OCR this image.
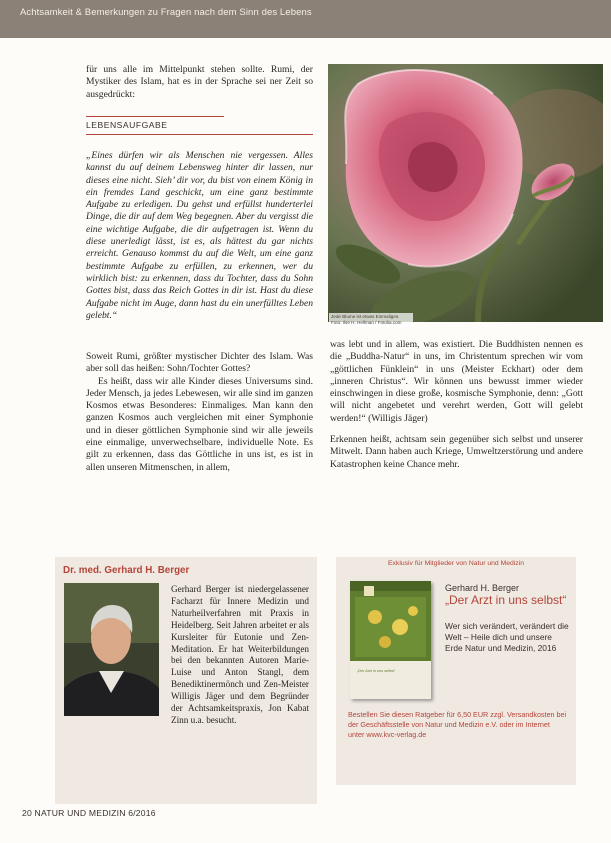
Achtsamkeit & Bemerkungen zu Fragen nach dem Sinn des Lebens
für uns alle im Mittelpunkt stehen sollte. Rumi, der Mystiker des Islam, hat es in der Sprache sei ner Zeit so ausgedrückt:
LEBENSAUFGABE
„Eines dürfen wir als Menschen nie vergessen. Alles kannst du auf deinem Lebensweg hinter dir lassen, nur dieses eine nicht. Sieh’ dir vor, du bist von einem König in ein fremdes Land geschickt, um eine ganz bestimmte Aufgabe zu erledigen. Du gehst und erfüllst hunderterlei Dinge, die dir auf dem Weg begegnen. Aber du vergisst die eine wichtige Aufgabe, die dir aufgetragen ist. Wenn du diese unerledigt lässt, ist es, als hättest du gar nichts erreicht. Genauso kommst du auf die Welt, um eine ganz bestimmte Aufgabe zu erfüllen, zu erkennen, wer du wirklich bist: zu erkennen, dass du Tochter, dass du Sohn Gottes bist, dass das Reich Gottes in dir ist. Hast du diese Aufgabe nicht im Auge, dann hast du ein unerfülltes Leben gelebt.“

Soweit Rumi, größter mystischer Dichter des Islam. Was aber soll das heißen: Sohn/Tochter Gottes?

Es heißt, dass wir alle Kinder dieses Universums sind. Jeder Mensch, ja jedes Lebewesen, wir alle sind im ganzen Kosmos etwas Besonderes: Einmaliges. Man kann den ganzen Kosmos auch vergleichen mit einer Symphonie und in dieser göttlichen Symphonie sind wir alle jeweils eine einmalige, unverwechselbare, individuelle Note. Es gilt zu erkennen, dass das Göttliche in uns ist, es ist in allen unseren Mitmenschen, in allem,

Jede Blume ist etwas Einmaliges. Foto: Ilse H. Hellman / Fotolia.com

was lebt und in allem, was existiert. Die Buddhisten nennen es die „Buddha-Natur“ in uns, im Christentum sprechen wir vom „göttlichen Fünklein“ in uns (Meister Eckhart) oder dem „inneren Christus“. Wir können uns bewusst immer wieder einschwingen in diese große, kosmische Symphonie, denn: „Gott will nicht angebetet und verehrt werden, Gott will gelebt werden!“ (Willigis Jäger)

Erkennen heißt, achtsam sein gegenüber sich selbst und unserer Mitwelt. Dann haben auch Kriege, Umweltzerstörung und andere Katastrophen keine Chance mehr.

Dr. med. Gerhard H. Berger
Gerhard Berger ist niedergelassener Facharzt für Innere Medizin und Naturheilverfahren mit Praxis in Heidelberg. Seit Jahren arbeitet er als Kursleiter für Eutonie und Zen-Meditation. Er hat Weiterbildungen bei den bekannten Autoren Marie-Luise und Anton Stangl, dem Benediktinermönch und Zen-Meister Willigis Jäger und dem Begründer der Achtsamkeitspraxis, Jon Kabat Zinn u.a. besucht.
Exklusiv für Mitglieder von Natur und Medizin
„Der Arzt in uns selbst“
Gerhard H. Berger
„Der Arzt in uns selbst“
Wer sich verändert, verändert die Welt – Heile dich und unsere Erde Natur und Medizin, 2016
Bestellen Sie diesen Ratgeber für 6,50 EUR zzgl. Versandkosten bei der Geschäftsstelle von Natur und Medizin e.V. oder im Internet unter www.kvc-verlag.de
20 NATUR UND MEDIZIN 6/2016
